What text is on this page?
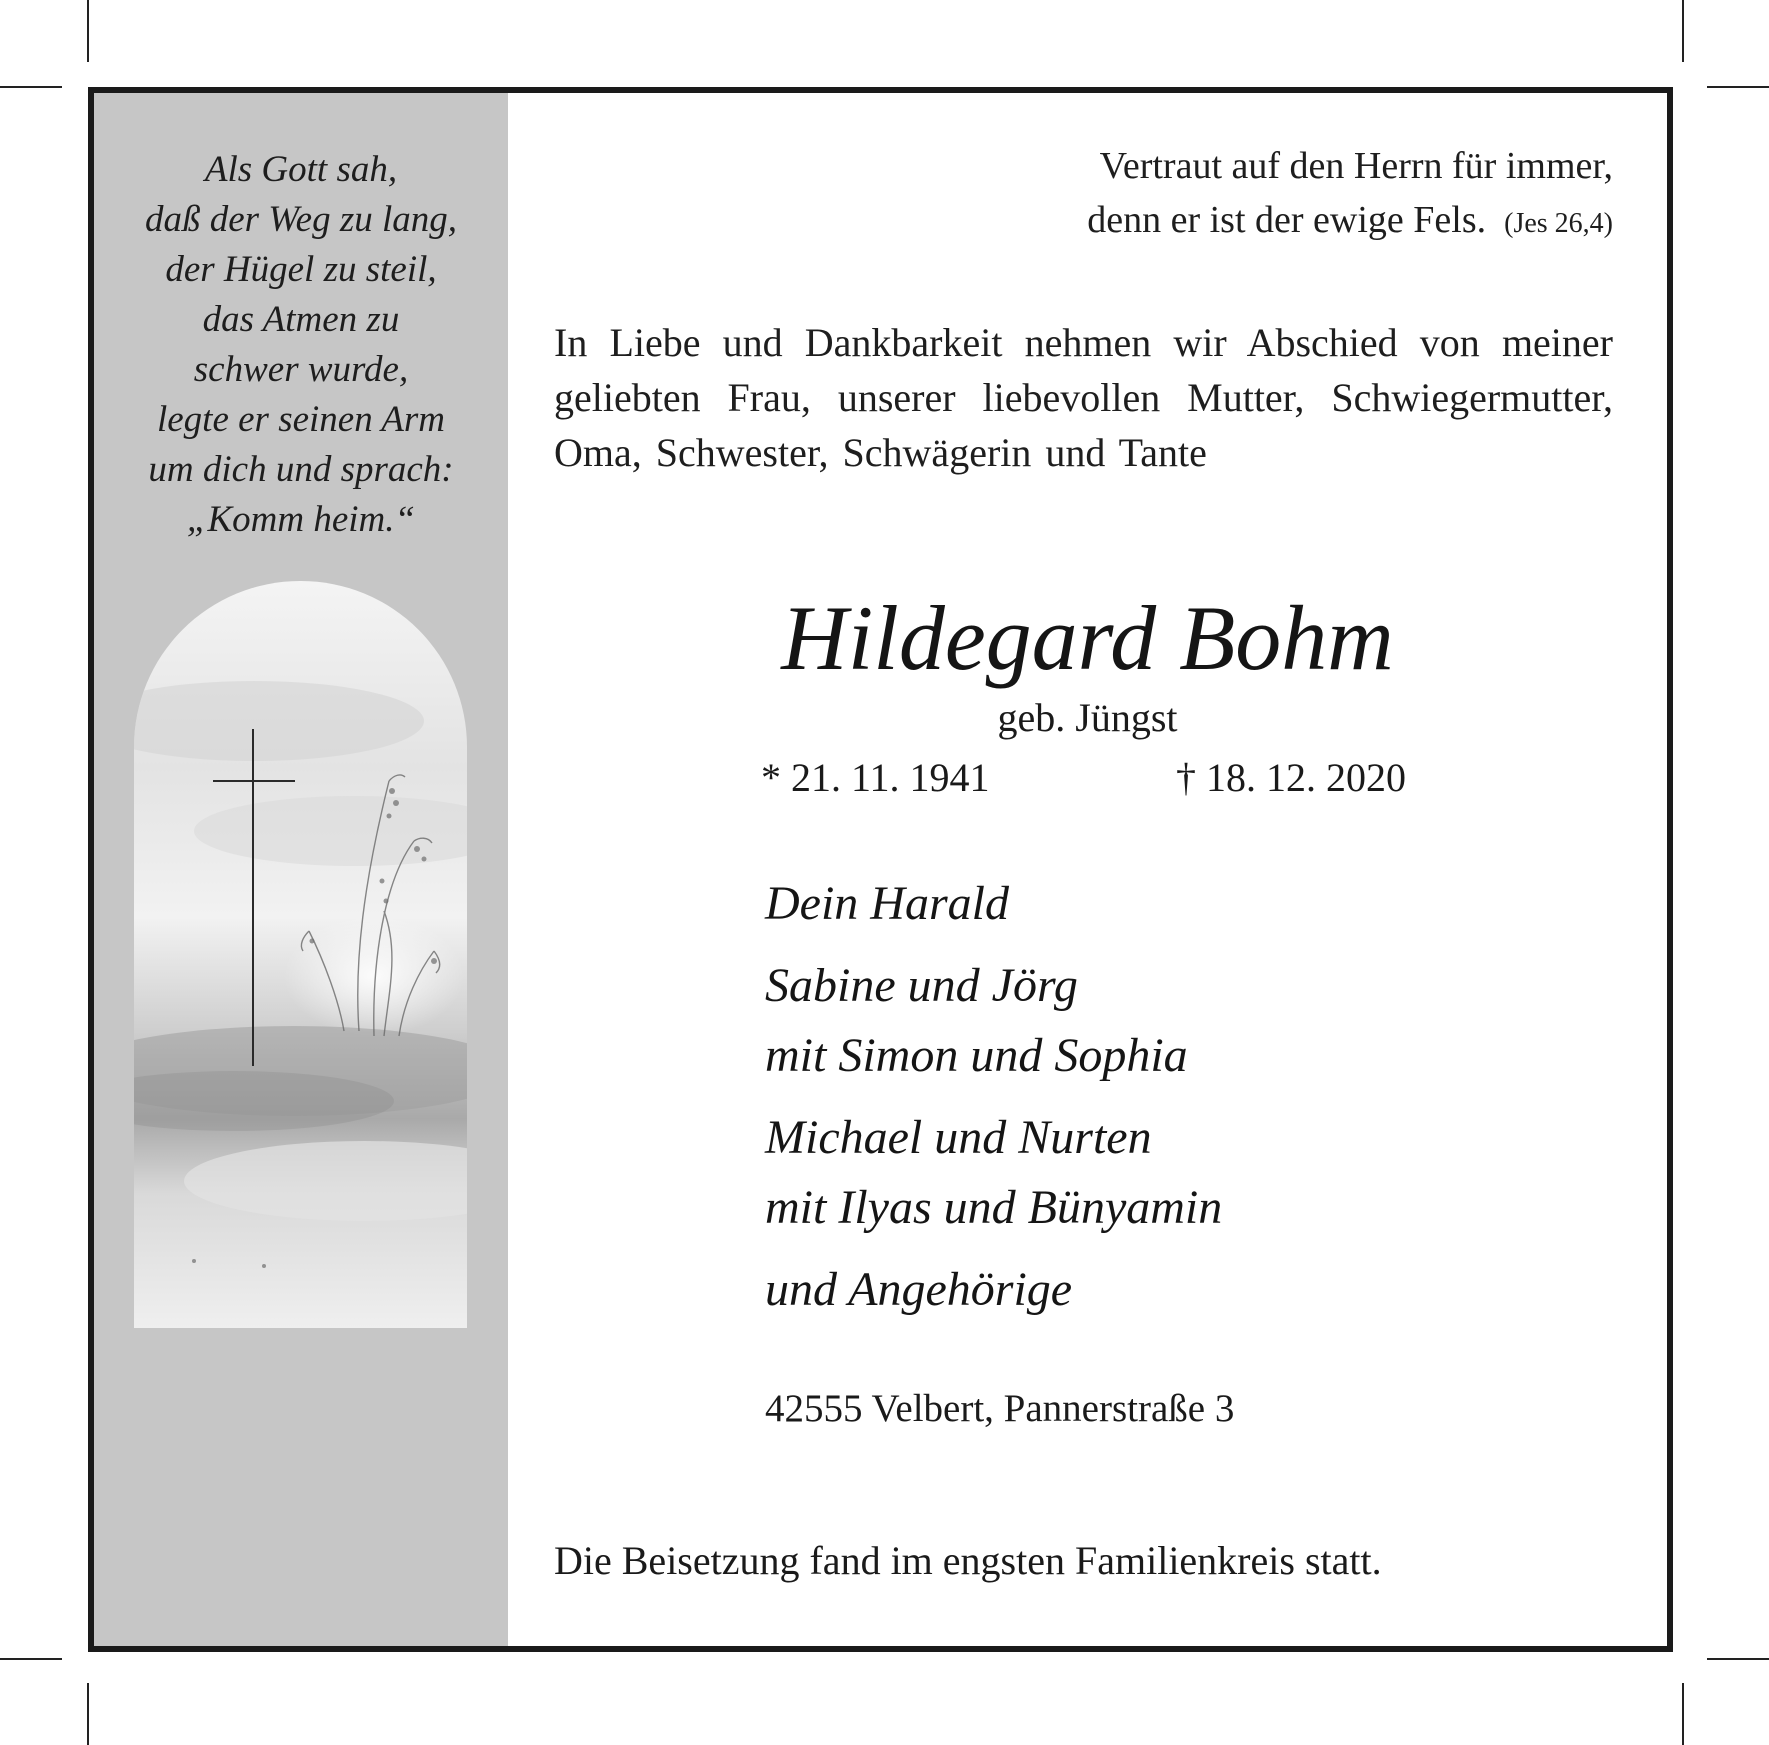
Als Gott sah,
daß der Weg zu lang,
der Hügel zu steil,
das Atmen zu
schwer wurde,
legte er seinen Arm
um dich und sprach:
„Komm heim.“
Vertraut auf den Herrn für immer,
denn er ist der ewige Fels. (Jes 26,4)
In Liebe und Dankbarkeit nehmen wir Abschied von meiner geliebten Frau, unserer liebevollen Mutter, Schwiegermutter, Oma, Schwester, Schwägerin und Tante
Hildegard Bohm
geb. Jüngst
* 21. 11. 1941	† 18. 12. 2020
Dein Harald
Sabine und Jörg
mit Simon und Sophia
Michael und Nurten
mit Ilyas und Bünyamin
und Angehörige
42555 Velbert, Pannerstraße 3
Die Beisetzung fand im engsten Familienkreis statt.
